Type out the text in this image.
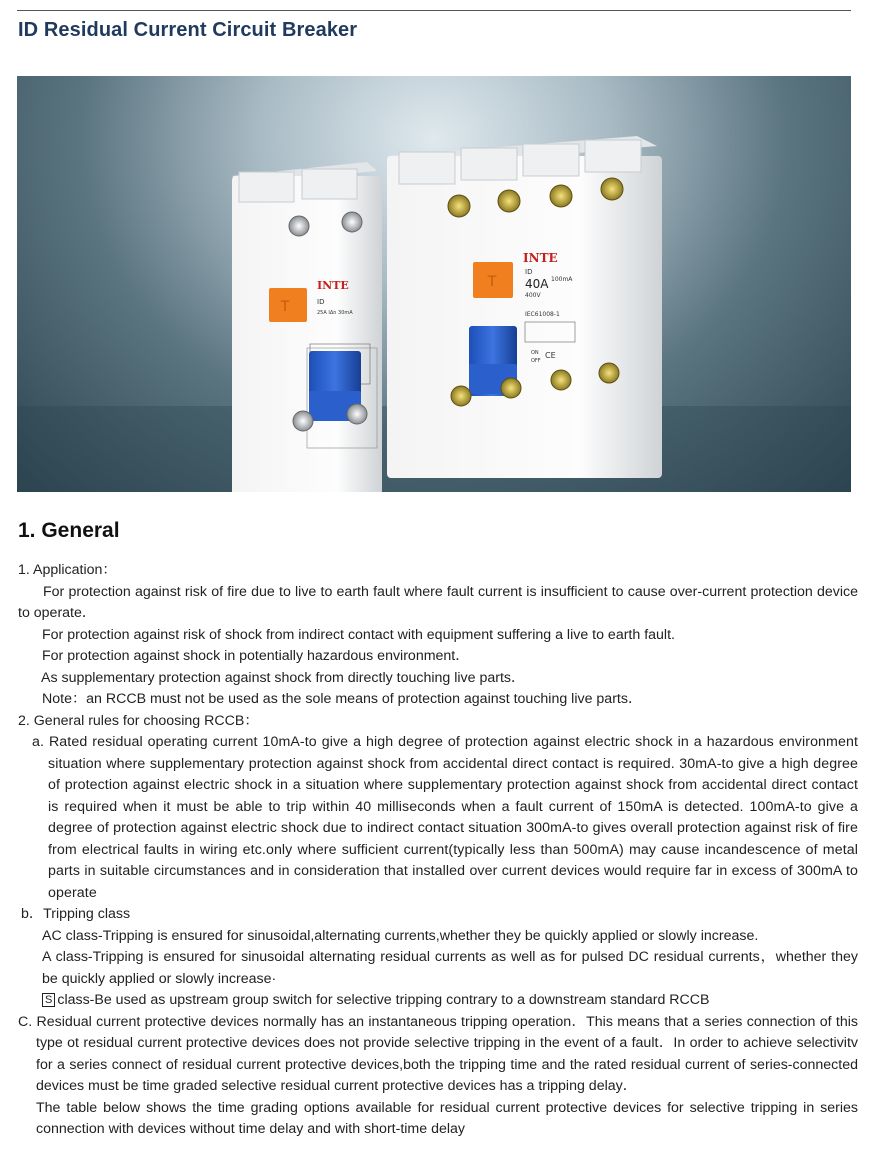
ID Residual Current Circuit Breaker
T
INTE
ID
25A IΔn 30mA
T
INTE
ID
40A 100mA
400V
IEC61008-1
ON
OFF
CE
1. General

1. Application：

For protection against risk of fire due to live to earth fault where fault current is insufficient to cause over-current protection device to operate．

For protection against risk of shock from indirect contact with equipment suffering a live to earth fault.

For protection against shock in potentially hazardous environment．

As supplementary protection against shock from directly touching live parts．

Note：an RCCB must not be used as the sole means of protection against touching live parts．

2. General rules for choosing RCCB：

a. Rated residual operating current 10mA-to give a high degree of protection against electric shock in a hazardous environment situation where supplementary protection against shock from accidental direct contact is required. 30mA-to give a high degree of protection against electric shock in a situation where supplementary protection against shock from accidental direct contact is required when it must be able to trip within 40 milliseconds when a fault current of 150mA is detected. 100mA-to give a degree of protection against electric shock due to indirect contact situation 300mA-to gives overall protection against risk of fire from electrical faults in wiring etc.only where sufficient current(typically less than 500mA) may cause incandescence of metal parts in suitable circumstances and in consideration that installed over current devices would require far in excess of 300mA to operate

b．Tripping class

AC class-Tripping is ensured for sinusoidal,alternating currents,whether they be quickly applied or slowly increase.

A class-Tripping is ensured for sinusoidal alternating residual currents as well as for pulsed DC residual currents，whether they be quickly applied or slowly increase·

S class-Be used as upstream group switch for selective tripping contrary to a downstream standard RCCB

C. Residual current protective devices normally has an instantaneous tripping operation．This means that a series connection of this type ot residual current protective devices does not provide selective tripping in the event of a fault．In order to achieve selectivitv for a series connect of residual current protective devices,both the tripping time and the rated residual current of series-connected devices must be time graded selective residual current protective devices has a tripping delay．

The table below shows the time grading options available for residual current protective devices for selective tripping in series connection with devices without time delay and with short-time delay
